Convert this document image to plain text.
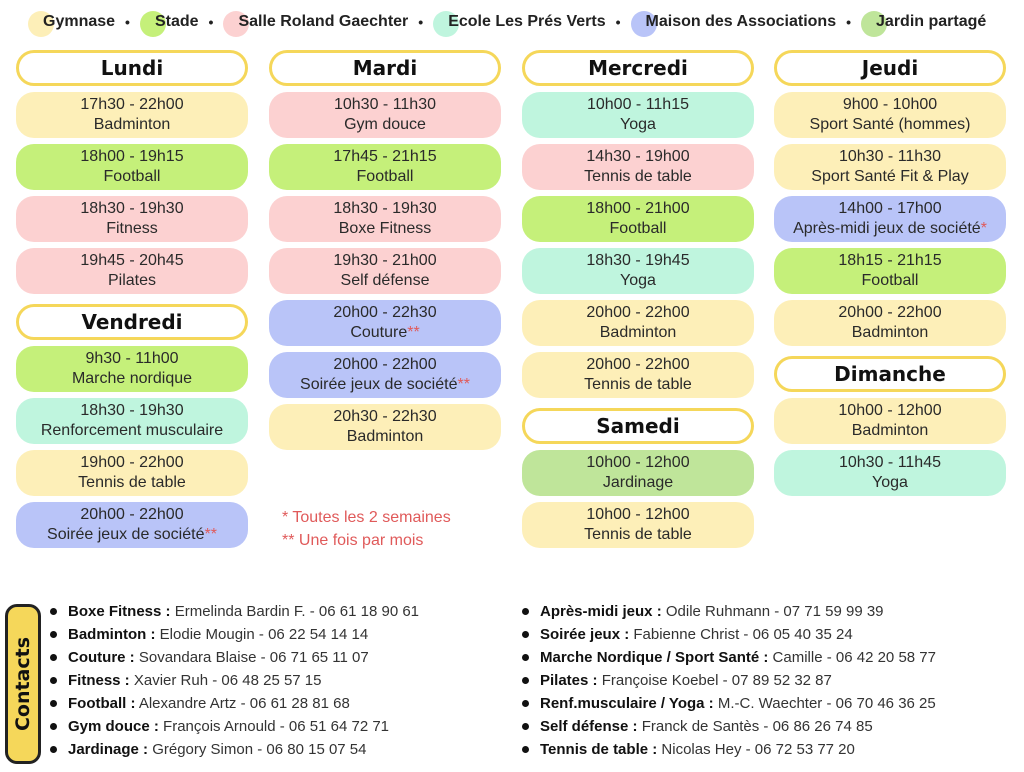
Gymnase •	Stade •	Salle Roland Gaechter •	Ecole Les Prés Verts •	Maison des Associations •	Jardin partagé
Lundi
17h30 - 22h00
Badminton
18h00 - 19h15
Football
18h30 - 19h30
Fitness
19h45 - 20h45
Pilates
Vendredi
9h30 - 11h00
Marche nordique
18h30 - 19h30
Renforcement musculaire
19h00 - 22h00
Tennis de table
20h00 - 22h00
Soirée jeux de société**
Mardi
10h30 - 11h30
Gym douce
17h45 - 21h15
Football
18h30 - 19h30
Boxe Fitness
19h30 - 21h00
Self défense
20h00 - 22h30
Couture**
20h00 - 22h00
Soirée jeux de société**
20h30 - 22h30
Badminton
* Toutes les 2 semaines
** Une fois par mois
Mercredi
10h00 - 11h15
Yoga
14h30 - 19h00
Tennis de table
18h00 - 21h00
Football
18h30 - 19h45
Yoga
20h00 - 22h00
Badminton
20h00 - 22h00
Tennis de table
Samedi
10h00 - 12h00
Jardinage
10h00 - 12h00
Tennis de table
Jeudi
9h00 - 10h00
Sport Santé (hommes)
10h30 - 11h30
Sport Santé Fit & Play
14h00 - 17h00
Après-midi jeux de société*
18h15 - 21h15
Football
20h00 - 22h00
Badminton
Dimanche
10h00 - 12h00
Badminton
10h30 - 11h45
Yoga
Contacts
Boxe Fitness : Ermelinda Bardin F. - 06 61 18 90 61
Badminton : Elodie Mougin - 06 22 54 14 14
Couture : Sovandara Blaise - 06 71 65 11 07
Fitness : Xavier Ruh - 06 48 25 57 15
Football : Alexandre Artz - 06 61 28 81 68
Gym douce : François Arnould - 06 51 64 72 71
Jardinage : Grégory Simon - 06 80 15 07 54
Après-midi jeux : Odile Ruhmann - 07 71 59 99 39
Soirée jeux : Fabienne Christ - 06 05 40 35 24
Marche Nordique / Sport Santé : Camille - 06 42 20 58 77
Pilates : Françoise Koebel - 07 89 52 32 87
Renf.musculaire / Yoga : M.-C. Waechter - 06 70 46 36 25
Self défense : Franck de Santès - 06 86 26 74 85
Tennis de table : Nicolas Hey - 06 72 53 77 20
